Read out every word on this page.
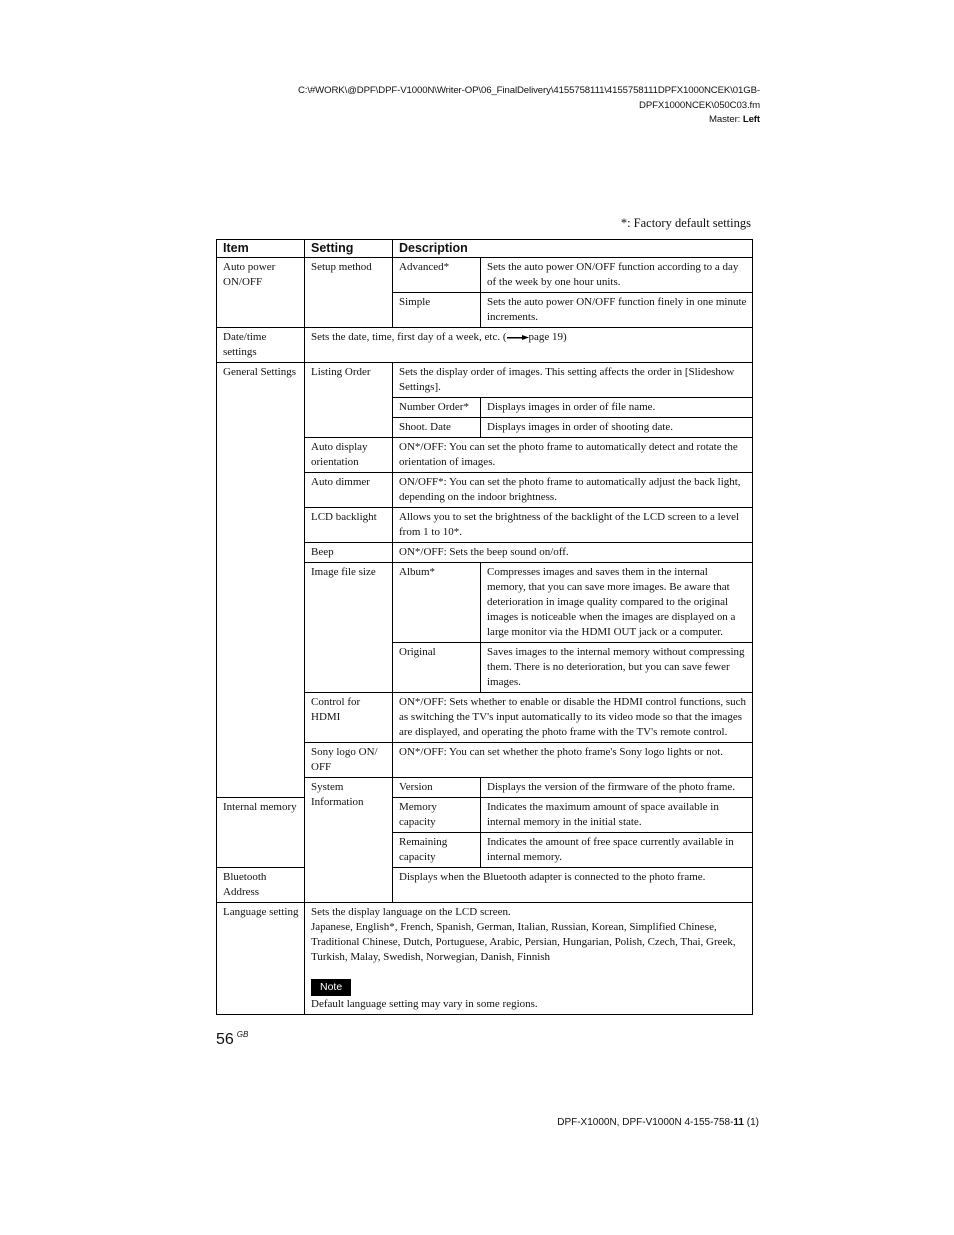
C:\#WORK\@DPF\DPF-V1000N\Writer-OP\06_FinalDelivery\4155758111\4155758111DPFX1000NCEK\01GB-
DPFX1000NCEK\050C03.fm
Master: Left
*: Factory default settings
Item	Setting	Description	
Auto power ON/OFF	Setup method	Advanced*	Sets the auto power ON/OFF function according to a day of the week by one hour units.
		Simple	Sets the auto power ON/OFF function finely in one minute increments.
Date/time settings	Sets the date, time, first day of a week, etc. ( page 19)		
General Settings	Listing Order	Sets the display order of images. This setting affects the order in [Slideshow Settings].	
		Number Order*	Displays images in order of file name.
		Shoot. Date	Displays images in order of shooting date.
	Auto display orientation	ON*/OFF: You can set the photo frame to automatically detect and rotate the orientation of images.	
	Auto dimmer	ON/OFF*: You can set the photo frame to automatically adjust the back light, depending on the indoor brightness.	
	LCD backlight	Allows you to set the brightness of the backlight of the LCD screen to a level from 1 to 10*.	
	Beep	ON*/OFF: Sets the beep sound on/off.	
	Image file size	Album*	Compresses images and saves them in the internal memory, that you can save more images. Be aware that deterioration in image quality compared to the original images is noticeable when the images are displayed on a large monitor via the HDMI OUT jack or a computer.
		Original	Saves images to the internal memory without compressing them. There is no deterioration, but you can save fewer images.
	Control for HDMI	ON*/OFF: Sets whether to enable or disable the HDMI control functions, such as switching the TV's input automatically to its video mode so that the images are displayed, and operating the photo frame with the TV's remote control.	
	Sony logo ON/ OFF	ON*/OFF: You can set whether the photo frame's Sony logo lights or not.	
	System Information	Version	Displays the version of the firmware of the photo frame.
Internal memory		Memory capacity	Indicates the maximum amount of space available in internal memory in the initial state.
		Remaining capacity	Indicates the amount of free space currently available in internal memory.
Bluetooth Address		Displays when the Bluetooth adapter is connected to the photo frame.	
Language setting	Sets the display language on the LCD screen.
Japanese, English*, French, Spanish, German, Italian, Russian, Korean, Simplified Chinese, Traditional Chinese, Dutch, Portuguese, Arabic, Persian, Hungarian, Polish, Czech, Thai, Greek, Turkish, Malay, Swedish, Norwegian, Danish, Finnish
Note
Default language setting may vary in some regions.		
56 $^{GB}$
DPF-X1000N, DPF-V1000N 4-155-758-11 (1)
